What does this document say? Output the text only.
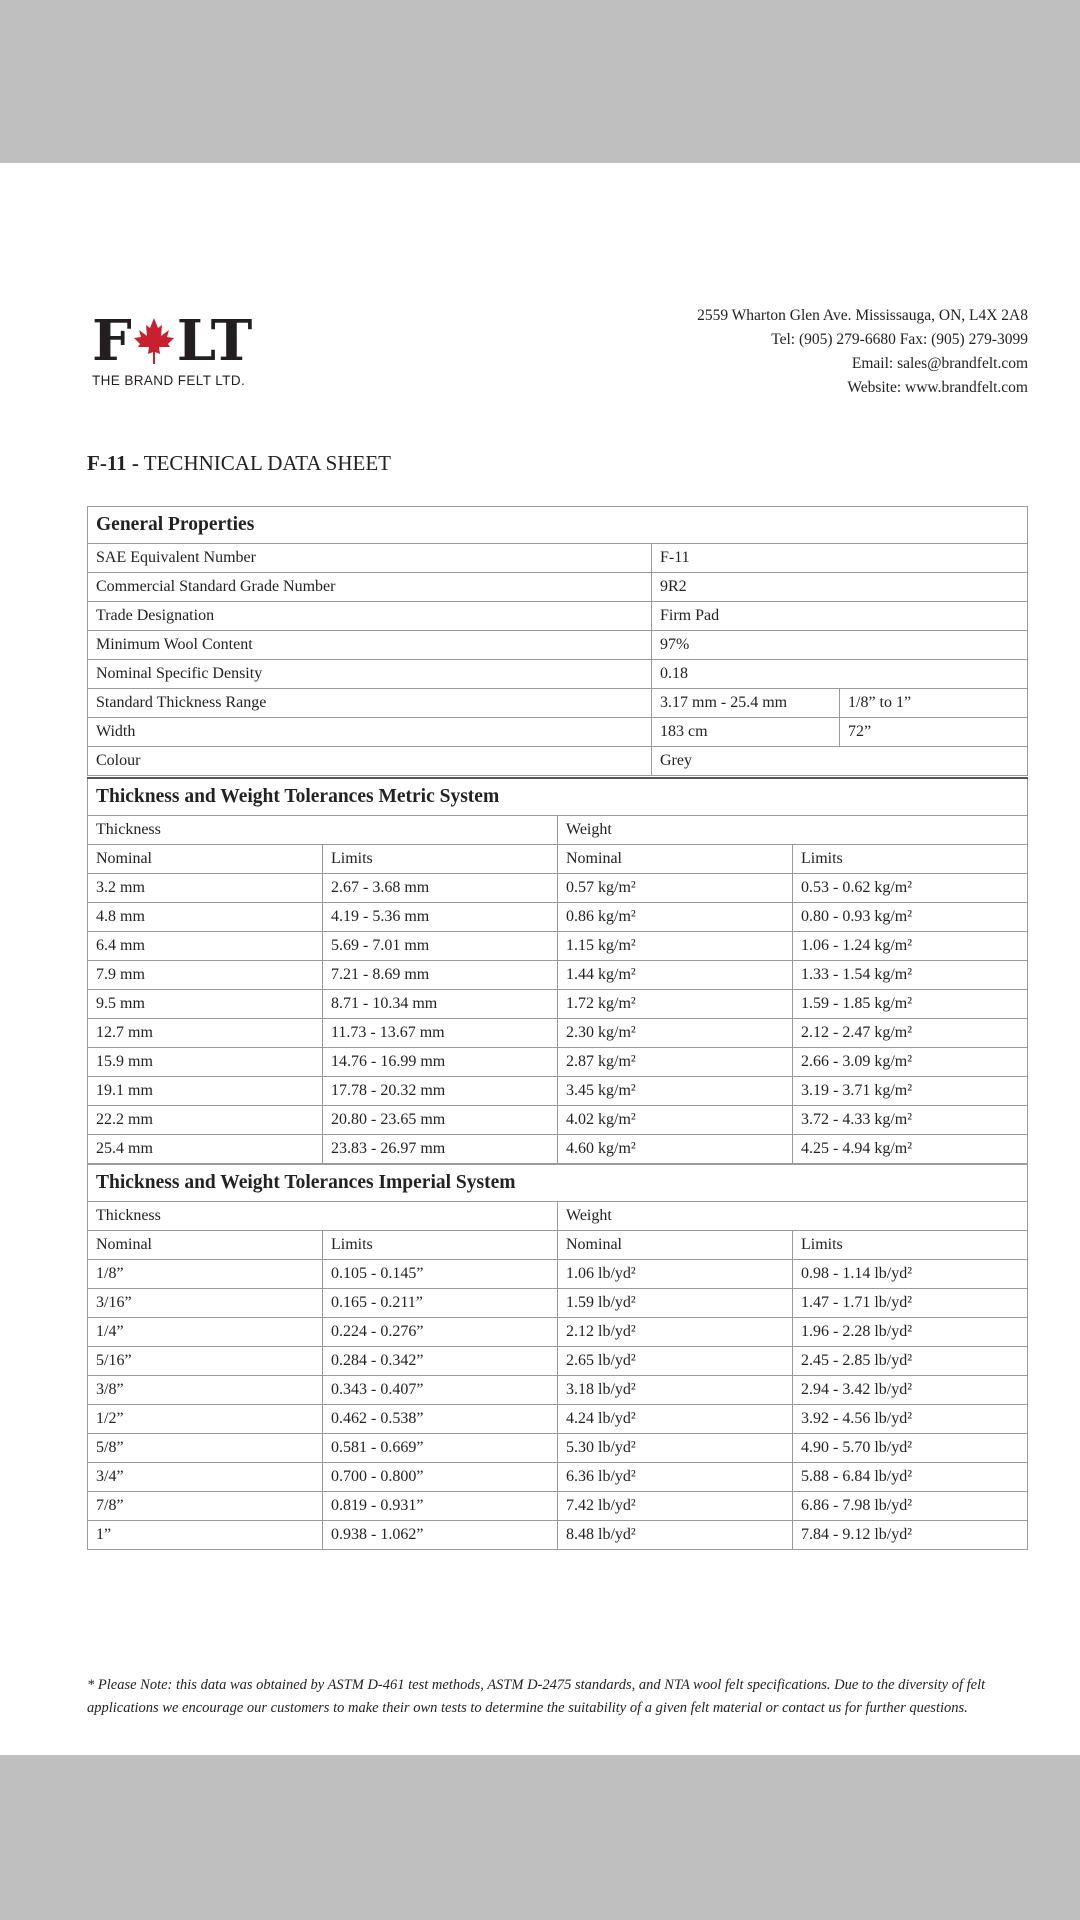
F LT
THE BRAND FELT LTD.
2559 Wharton Glen Ave. Mississauga, ON, L4X 2A8
Tel: (905) 279-6680 Fax: (905) 279-3099
Email: sales@brandfelt.com
Website: www.brandfelt.com
F-11 - TECHNICAL DATA SHEET
General Properties		
SAE Equivalent Number	F-11	
Commercial Standard Grade Number	9R2	
Trade Designation	Firm Pad	
Minimum Wool Content	97%	
Nominal Specific Density	0.18	
Standard Thickness Range	3.17 mm - 25.4 mm	1/8” to 1”
Width	183 cm	72”
Colour	Grey	
Thickness and Weight Tolerances Metric System			
Thickness		Weight	
Nominal	Limits	Nominal	Limits
3.2 mm	2.67 - 3.68 mm	0.57 kg/m²	0.53 - 0.62 kg/m²
4.8 mm	4.19 - 5.36 mm	0.86 kg/m²	0.80 - 0.93 kg/m²
6.4 mm	5.69 - 7.01 mm	1.15 kg/m²	1.06 - 1.24 kg/m²
7.9 mm	7.21 - 8.69 mm	1.44 kg/m²	1.33 - 1.54 kg/m²
9.5 mm	8.71 - 10.34 mm	1.72 kg/m²	1.59 - 1.85 kg/m²
12.7 mm	11.73 - 13.67 mm	2.30 kg/m²	2.12 - 2.47 kg/m²
15.9 mm	14.76 - 16.99 mm	2.87 kg/m²	2.66 - 3.09 kg/m²
19.1 mm	17.78 - 20.32 mm	3.45 kg/m²	3.19 - 3.71 kg/m²
22.2 mm	20.80 - 23.65 mm	4.02 kg/m²	3.72 - 4.33 kg/m²
25.4 mm	23.83 - 26.97 mm	4.60 kg/m²	4.25 - 4.94 kg/m²
Thickness and Weight Tolerances Imperial System			
Thickness		Weight	
Nominal	Limits	Nominal	Limits
1/8”	0.105 - 0.145”	1.06 lb/yd²	0.98 - 1.14 lb/yd²
3/16”	0.165 - 0.211”	1.59 lb/yd²	1.47 - 1.71 lb/yd²
1/4”	0.224 - 0.276”	2.12 lb/yd²	1.96 - 2.28 lb/yd²
5/16”	0.284 - 0.342”	2.65 lb/yd²	2.45 - 2.85 lb/yd²
3/8”	0.343 - 0.407”	3.18 lb/yd²	2.94 - 3.42 lb/yd²
1/2”	0.462 - 0.538”	4.24 lb/yd²	3.92 - 4.56 lb/yd²
5/8”	0.581 - 0.669”	5.30 lb/yd²	4.90 - 5.70 lb/yd²
3/4”	0.700 - 0.800”	6.36 lb/yd²	5.88 - 6.84 lb/yd²
7/8”	0.819 - 0.931”	7.42 lb/yd²	6.86 - 7.98 lb/yd²
1”	0.938 - 1.062”	8.48 lb/yd²	7.84 - 9.12 lb/yd²
* Please Note: this data was obtained by ASTM D-461 test methods, ASTM D-2475 standards, and NTA wool felt specifications. Due to the diversity of felt applications we encourage our customers to make their own tests to determine the suitability of a given felt material or contact us for further questions.
